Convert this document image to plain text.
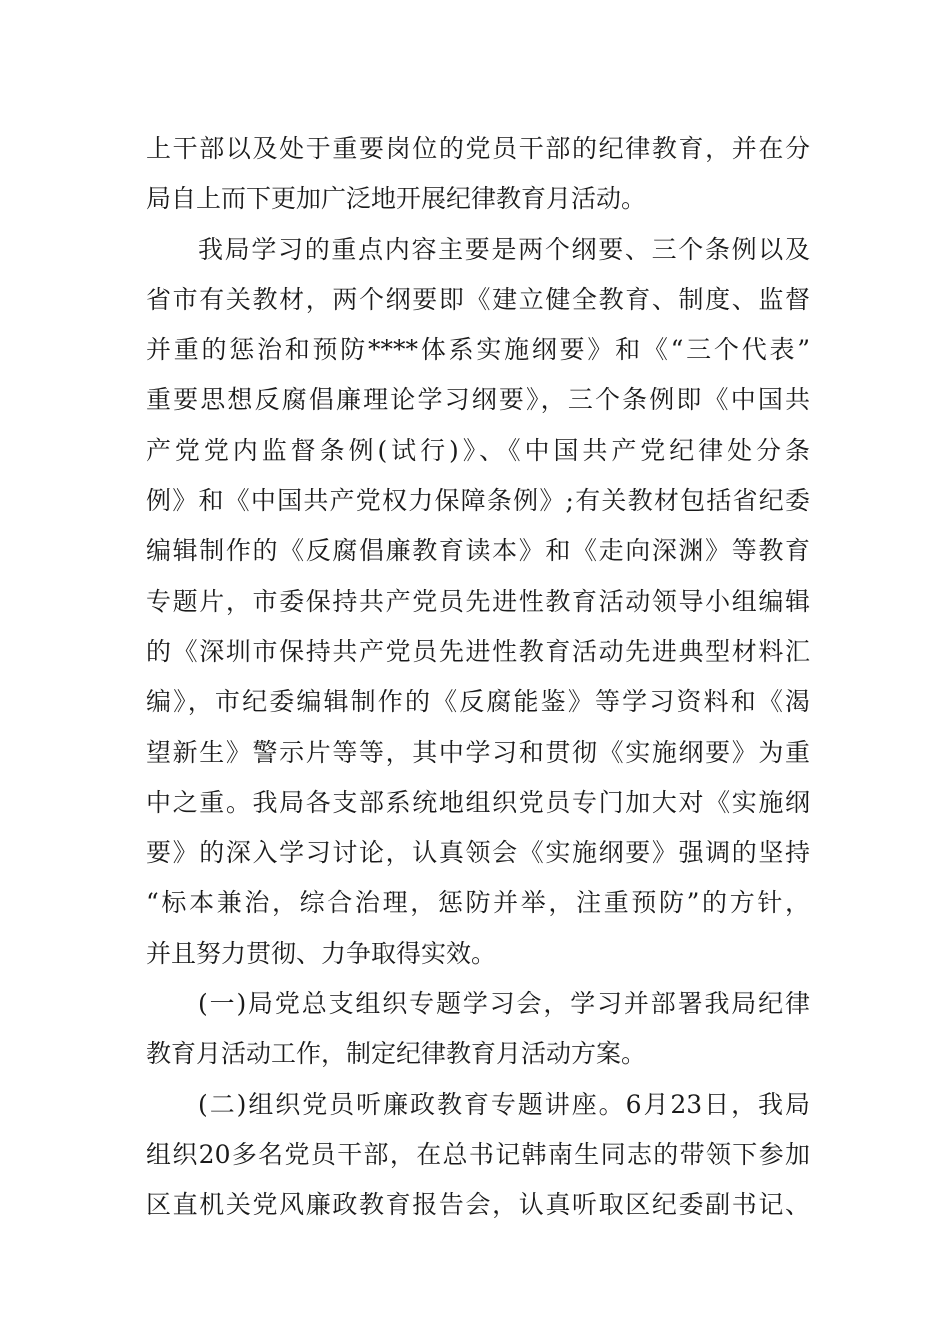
上干部以及处于重要岗位的党员干部的纪律教育，并在分
局自上而下更加广泛地开展纪律教育月活动。
我局学习的重点内容主要是两个纲要、三个条例以及
省市有关教材，两个纲要即《建立健全教育、制度、监督
并重的惩治和预防****体系实施纲要》和《“三个代表”
重要思想反腐倡廉理论学习纲要》，三个条例即《中国共
产党党内监督条例(试行)》、《中国共产党纪律处分条
例》和《中国共产党权力保障条例》;有关教材包括省纪委
编辑制作的《反腐倡廉教育读本》和《走向深渊》等教育
专题片，市委保持共产党员先进性教育活动领导小组编辑
的《深圳市保持共产党员先进性教育活动先进典型材料汇
编》，市纪委编辑制作的《反腐能鉴》等学习资料和《渴
望新生》警示片等等，其中学习和贯彻《实施纲要》为重
中之重。我局各支部系统地组织党员专门加大对《实施纲
要》的深入学习讨论，认真领会《实施纲要》强调的坚持
“标本兼治，综合治理，惩防并举，注重预防”的方针，
并且努力贯彻、力争取得实效。
(一)局党总支组织专题学习会，学习并部署我局纪律
教育月活动工作，制定纪律教育月活动方案。
(二)组织党员听廉政教育专题讲座。6月23日，我局
组织20多名党员干部，在总书记韩南生同志的带领下参加
区直机关党风廉政教育报告会，认真听取区纪委副书记、
